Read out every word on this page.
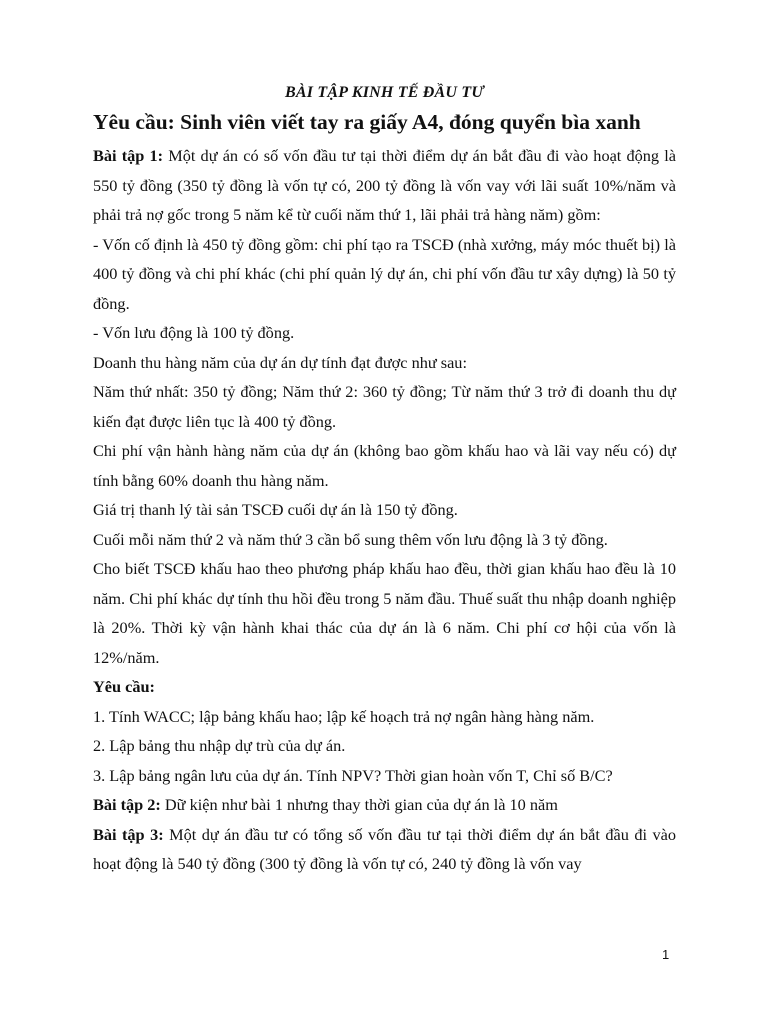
BÀI TẬP KINH TẾ ĐẦU TƯ

Yêu cầu: Sinh viên viết tay ra giấy A4, đóng quyển bìa xanh

Bài tập 1: Một dự án có số vốn đầu tư tại thời điểm dự án bắt đầu đi vào hoạt động là 550 tỷ đồng (350 tỷ đồng là vốn tự có, 200 tỷ đồng là vốn vay với lãi suất 10%/năm và phải trả nợ gốc trong 5 năm kể từ cuối năm thứ 1, lãi phải trả hàng năm) gồm:

- Vốn cố định là 450 tỷ đồng gồm: chi phí tạo ra TSCĐ (nhà xưởng, máy móc thuết bị) là 400 tỷ đồng và chi phí khác (chi phí quản lý dự án, chi phí vốn đầu tư xây dựng) là 50 tỷ đồng.

- Vốn lưu động là 100 tỷ đồng.

Doanh thu hàng năm của dự án dự tính đạt được như sau:

Năm thứ nhất: 350 tỷ đồng; Năm thứ 2: 360 tỷ đồng; Từ năm thứ 3 trở đi doanh thu dự kiến đạt được liên tục là 400 tỷ đồng.

Chi phí vận hành hàng năm của dự án (không bao gồm khấu hao và lãi vay nếu có) dự tính bằng 60% doanh thu hàng năm.

Giá trị thanh lý tài sản TSCĐ cuối dự án là 150 tỷ đồng.

Cuối mỗi năm thứ 2 và năm thứ 3 cần bổ sung thêm vốn lưu động là 3 tỷ đồng.

Cho biết TSCĐ khấu hao theo phương pháp khấu hao đều, thời gian khấu hao đều là 10 năm. Chi phí khác dự tính thu hồi đều trong 5 năm đầu. Thuế suất thu nhập doanh nghiệp là 20%. Thời kỳ vận hành khai thác của dự án là 6 năm. Chi phí cơ hội của vốn là 12%/năm.

Yêu cầu:

1. Tính WACC; lập bảng khấu hao; lập kế hoạch trả nợ ngân hàng hàng năm.

2. Lập bảng thu nhập dự trù của dự án.

3. Lập bảng ngân lưu của dự án. Tính NPV? Thời gian hoàn vốn T, Chỉ số B/C?

Bài tập 2: Dữ kiện như bài 1 nhưng thay thời gian của dự án là 10 năm

Bài tập 3: Một dự án đầu tư có tổng số vốn đầu tư tại thời điểm dự án bắt đầu đi vào hoạt động là 540 tỷ đồng (300 tỷ đồng là vốn tự có, 240 tỷ đồng là vốn vay

1
